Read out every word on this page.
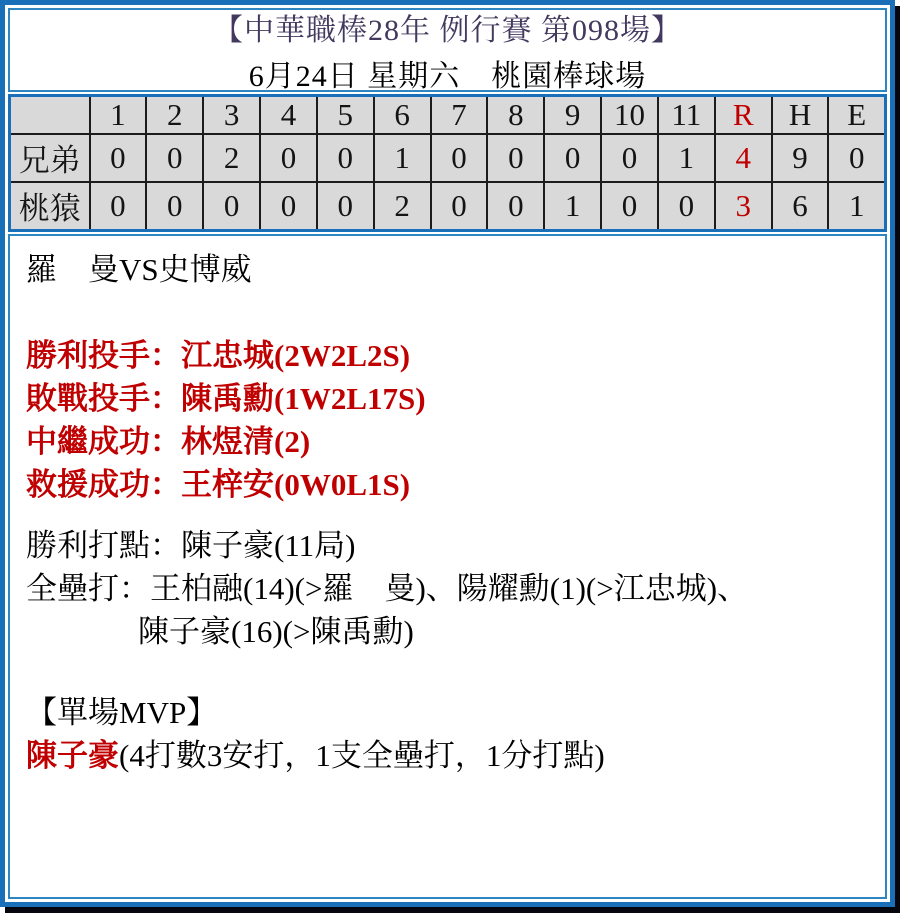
【中華職棒28年 例行賽 第098場】
6月24日 星期六　桃園棒球場
	1	2	3	4	5	6	7	8	9	10	11	R	H	E
兄弟	0	0	2	0	0	1	0	0	0	0	1	4	9	0
桃猿	0	0	0	0	0	2	0	0	1	0	0	3	6	1
羅　曼VS史博威
勝利投手：江忠城(2W2L2S)
敗戰投手：陳禹勳(1W2L17S)
中繼成功：林煜清(2)
救援成功：王梓安(0W0L1S)
勝利打點：陳子豪(11局)
全壘打：王柏融(14)(>羅　曼)、陽耀勳(1)(>江忠城)、
陳子豪(16)(>陳禹勳)
【單場MVP】
陳子豪(4打數3安打，1支全壘打，1分打點)
